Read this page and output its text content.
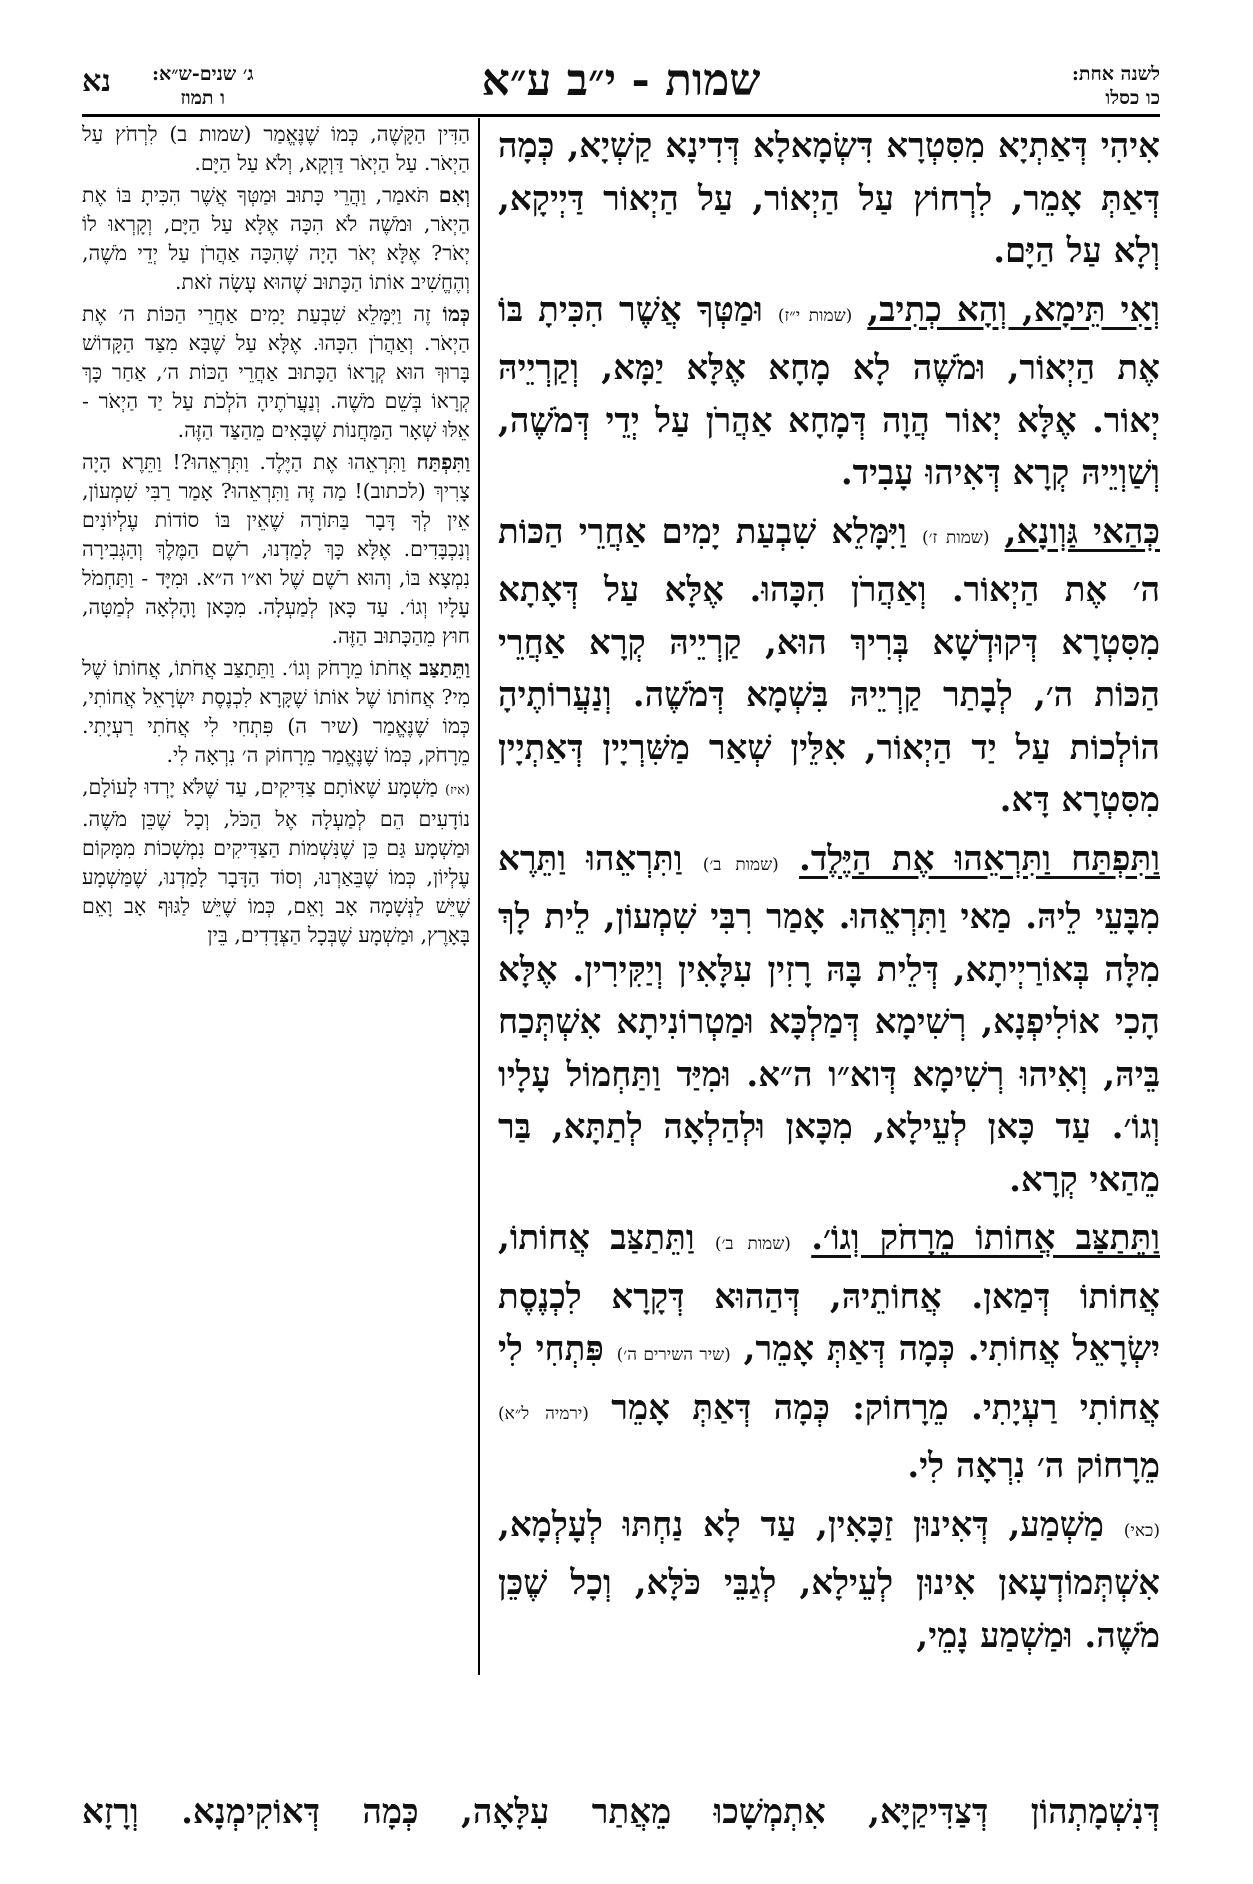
לשנה אחת:
כו כסלו
שמות - י״ב ע״א
ג׳ שנים-ש״א:
ו תמוז
נא

אִיהִי דְּאַתְיָא מִסִּטְרָא דִּשְׂמָאלָא דְּדִינָא קַשְׁיָא, כְּמָה דְּאַתְּ אָמֵר, לִרְחוֹץ עַל הַיְאוֹר, עַל הַיְאוֹר דַּיְיקָא, וְלָא עַל הַיָּם.

וְאִי תֵּימָא, וְהָא כְתִיב, (שמות י״ז) וּמַטְּךָ אֲשֶׁר הִכִּיתָ בּוֹ אֶת הַיְאוֹר, וּמֹשֶׁה לָא מָחָא אֶלָּא יַמָּא, וְקַרְיֵיהּ יְאוֹר. אֶלָּא יְאוֹר הֲוָה דְּמָחָא אַהֲרֹן עַל יְדֵי דְּמֹשֶׁה, וְשַׁוְיֵיהּ קְרָא דְּאִיהוּ עָבִיד.

כְּהַאי גַּוְונָא, (שמות ז׳) וַיִּמָּלֵא שִׁבְעַת יָמִים אַחֲרֵי הַכּוֹת ה׳ אֶת הַיְאוֹר. וְאַהֲרֹן הִכָּהוּ. אֶלָּא עַל דְּאָתָא מִסִּטְרָא דְּקוּדְשָׁא בְּרִיךְ הוּא, קַרְיֵיהּ קְרָא אַחֲרֵי הַכּוֹת ה׳, לְבָתַר קַרְיֵיהּ בִּשְׁמָא דְּמֹשֶׁה. וְנַעֲרוֹתֶיהָ הוֹלְכוֹת עַל יַד הַיְאוֹר, אִלֵּין שְׁאַר מַשִּׁרְיָין דְּאַתְיָין מִסִּטְרָא דָּא.

וַתִּפְתַּח וַתִּרְאֵהוּ אֶת הַיֶּלֶד. (שמות ב׳) וַתִּרְאֵהוּ וַתֵּרֶא מִבָּעֵי לֵיהּ. מַאי וַתִּרְאֵהוּ. אָמַר רִבִּי שִׁמְעוֹן, לֵית לָךְ מִלָּה בְּאוֹרַיְיתָא, דְּלֵית בָּהּ רָזִין עִלָּאִין וְיַקִּירִין. אֶלָּא הָכִי אוֹלִיפְנָא, רְשִׁימָא דְּמַלְכָּא וּמַטְרוֹנִיתָא אִשְׁתְּכַח בֵּיהּ, וְאִיהוּ רְשִׁימָא דְּוא״ו ה״א. וּמִיַּד וַתַּחְמוֹל עָלָיו וְגוֹ׳. עַד כָּאן לְעֵילָא, מִכָּאן וּלְהַלְאָה לְתַתָּא, בַּר מֵהַאי קְרָא.

וַתֵּתַצַּב אֲחוֹתוֹ מֵרָחֹק וְגוֹ׳. (שמות ב׳) וַתֵּתַצַּב אֲחוֹתוֹ, אֲחוֹתוֹ דְּמַאן. אֲחוֹתֵיהּ, דְּהַהוּא דְּקָרָא לִכְנֶסֶת יִשְׂרָאֵל אֲחוֹתִי. כְּמָה דְּאַתְּ אָמֵר, (שיר השירים ה׳) פִּתְחִי לִי אֲחוֹתִי רַעְיָתִי. מֵרָחוֹק: כְּמָה דְּאַתְּ אָמֵר (ירמיה ל״א) מֵרָחוֹק ה׳ נִרְאָה לִי.

(כאי) מַשְׁמַע, דְּאִינוּן זַכָּאִין, עַד לָא נַחְתּוּ לְעָלְמָא, אִשְׁתְּמוֹדְעָאן אִינוּן לְעֵילָא, לְגַבֵּי כֹּלָּא, וְכָל שֶׁכֵּן מֹשֶׁה. וּמַשְׁמַע נָמֵי,

הַדִּין הַקָּשֶׁה, כְּמוֹ שֶׁנֶּאֱמַר (שמות ב) לִרְחֹץ עַל הַיְאֹר. עַל הַיְאֹר דַּוְקָא, וְלֹא עַל הַיָּם.

וְאִם תֹּאמַר, וַהֲרֵי כָּתוּב וּמַטְּךָ אֲשֶׁר הִכִּיתָ בּוֹ אֶת הַיְאֹר, וּמֹשֶׁה לֹא הִכָּה אֶלָּא עַל הַיָּם, וְקָרְאוּ לוֹ יְאֹר? אֶלָּא יְאֹר הָיָה שֶׁהִכָּה אַהֲרֹן עַל יְדֵי מֹשֶׁה, וְהֶחֱשִׁיב אוֹתוֹ הַכָּתוּב שֶׁהוּא עָשָׂה זֹאת.

כְּמוֹ זֶה וַיִּמָּלֵא שִׁבְעַת יָמִים אַחֲרֵי הַכּוֹת ה׳ אֶת הַיְאֹר. וְאַהֲרֹן הִכָּהוּ. אֶלָּא עַל שֶׁבָּא מִצַּד הַקָּדוֹשׁ בָּרוּךְ הוּא קְרָאוֹ הַכָּתוּב אַחֲרֵי הַכּוֹת ה׳, אַחַר כָּךְ קְרָאוֹ בְּשֵׁם מֹשֶׁה. וְנַעֲרֹתֶיהָ הֹלְכֹת עַל יַד הַיְאֹר - אֵלּוּ שְׁאָר הַמַּחֲנוֹת שֶׁבָּאִים מֵהַצַּד הַזֶּה.

וַתִּפְתַּח וַתִּרְאֵהוּ אֶת הַיֶּלֶד. וַתִּרְאֵהוּ?! וַתֵּרֶא הָיָה צָרִיךְ (לכתוב)! מַה זֶּה וַתִּרְאֵהוּ? אָמַר רַבִּי שִׁמְעוֹן, אֵין לְךָ דָּבָר בַּתּוֹרָה שֶׁאֵין בּוֹ סוֹדוֹת עֶלְיוֹנִים וְנִכְבָּדִים. אֶלָּא כָּךְ לָמַדְנוּ, רֹשֶׁם הַמֶּלֶךְ וְהַגְּבִירָה נִמְצָא בּוֹ, וְהוּא רֹשֶׁם שֶׁל וא״ו ה״א. וּמִיָּד - וַתַּחְמֹל עָלָיו וְגוֹ׳. עַד כָּאן לְמַעְלָה. מִכָּאן וָהָלְאָה לְמַטָּה, חוּץ מֵהַכָּתוּב הַזֶּה.

וַתֵּתַצַּב אֲחֹתוֹ מֵרָחֹק וְגוֹ׳. וַתֵּתַצַּב אֲחֹתוֹ, אֲחוֹתוֹ שֶׁל מִי? אֲחוֹתוֹ שֶׁל אוֹתוֹ שֶׁקָּרָא לִכְנֶסֶת יִשְׂרָאֵל אֲחוֹתִי, כְּמוֹ שֶׁנֶּאֱמַר (שיר ה) פִּתְחִי לִי אֲחֹתִי רַעְיָתִי. מֵרָחֹק, כְּמוֹ שֶׁנֶּאֱמַר מֵרָחוֹק ה׳ נִרְאָה לִי.

(איז) מַשְׁמָע שֶׁאוֹתָם צַדִּיקִים, עַד שֶׁלֹּא יָרְדוּ לָעוֹלָם, נוֹדָעִים הֵם לְמַעְלָה אֶל הַכֹּל, וְכָל שֶׁכֵּן מֹשֶׁה. וּמַשְׁמָע גַּם כֵּן שֶׁנִּשְׁמוֹת הַצַּדִּיקִים נִמְשָׁכוֹת מִמָּקוֹם עֶלְיוֹן, כְּמוֹ שֶׁבֵּאַרְנוּ, וְסוֹד הַדָּבָר לָמַדְנוּ, שֶׁמַּשְׁמָע שֶׁיֵּשׁ לַנְּשָׁמָה אָב וָאֵם, כְּמוֹ שֶׁיֵּשׁ לַגּוּף אָב וָאֵם בָּאָרֶץ, וּמַשְׁמָע שֶׁבְּכָל הַצְּדָדִים, בֵּין

דְּנִשְׁמָתְהוֹן דְּצַדִּיקַיָּא, אִתְמְשָׁכוּ מֵאֲתַר עִלָּאָה, כְּמָה דְּאוֹקִימְנָא. וְרָזָא
